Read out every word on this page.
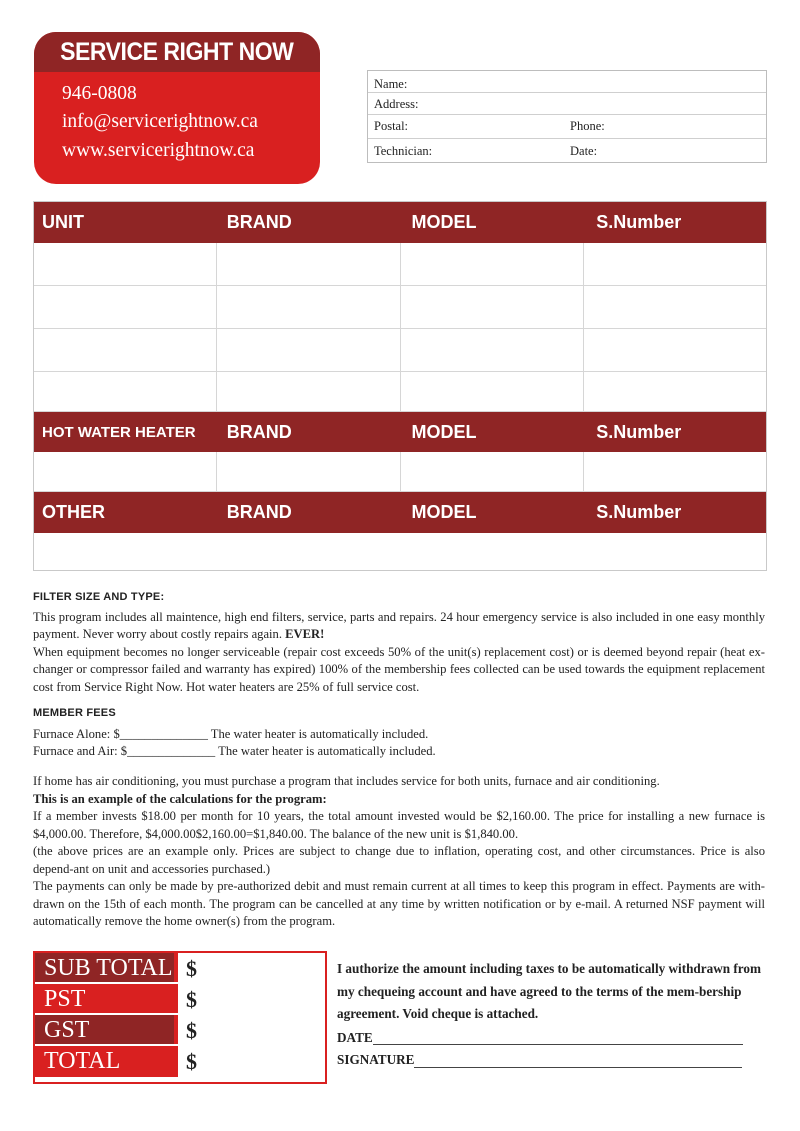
SERVICE RIGHT NOW
946-0808
info@servicerightnow.ca
www.servicerightnow.ca
Name:
Address:
Postal:	Phone:
Technician:	Date:
UNIT	BRAND	MODEL	S.Number
HOT WATER HEATER	BRAND	MODEL	S.Number
OTHER	BRAND	MODEL	S.Number
FILTER SIZE AND TYPE:

This program includes all maintence, high end filters, service, parts and repairs. 24 hour emergency service is also included in one easy monthly payment. Never worry about costly repairs again. EVER!

When equipment becomes no longer serviceable (repair cost exceeds 50% of the unit(s) replacement cost) or is deemed beyond repair (heat ex-changer or compressor failed and warranty has expired) 100% of the membership fees collected can be used towards the equipment replacement cost from Service Right Now. Hot water heaters are 25% of full service cost.

MEMBER FEES
Furnace Alone: $______________ The water heater is automatically included.
Furnace and Air: $______________ The water heater is automatically included.

If home has air conditioning, you must purchase a program that includes service for both units, furnace and air conditioning.

This is an example of the calculations for the program:

If a member invests $18.00 per month for 10 years, the total amount invested would be $2,160.00. The price for installing a new furnace is $4,000.00. Therefore, $4,000.00$2,160.00=$1,840.00. The balance of the new unit is $1,840.00.

(the above prices are an example only. Prices are subject to change due to inflation, operating cost, and other circumstances. Price is also depend-ant on unit and accessories purchased.)

The payments can only be made by pre-authorized debit and must remain current at all times to keep this program in effect. Payments are with-drawn on the 15th of each month. The program can be cancelled at any time by written notification or by e-mail. A returned NSF payment will automatically remove the home owner(s) from the program.

SUB TOTAL $
PST	$
GST	$
TOTAL	$

I authorize the amount including taxes to be automatically withdrawn from my chequeing account and have agreed to the terms of the mem-bership agreement. Void cheque is attached.

DATE
SIGNATURE
